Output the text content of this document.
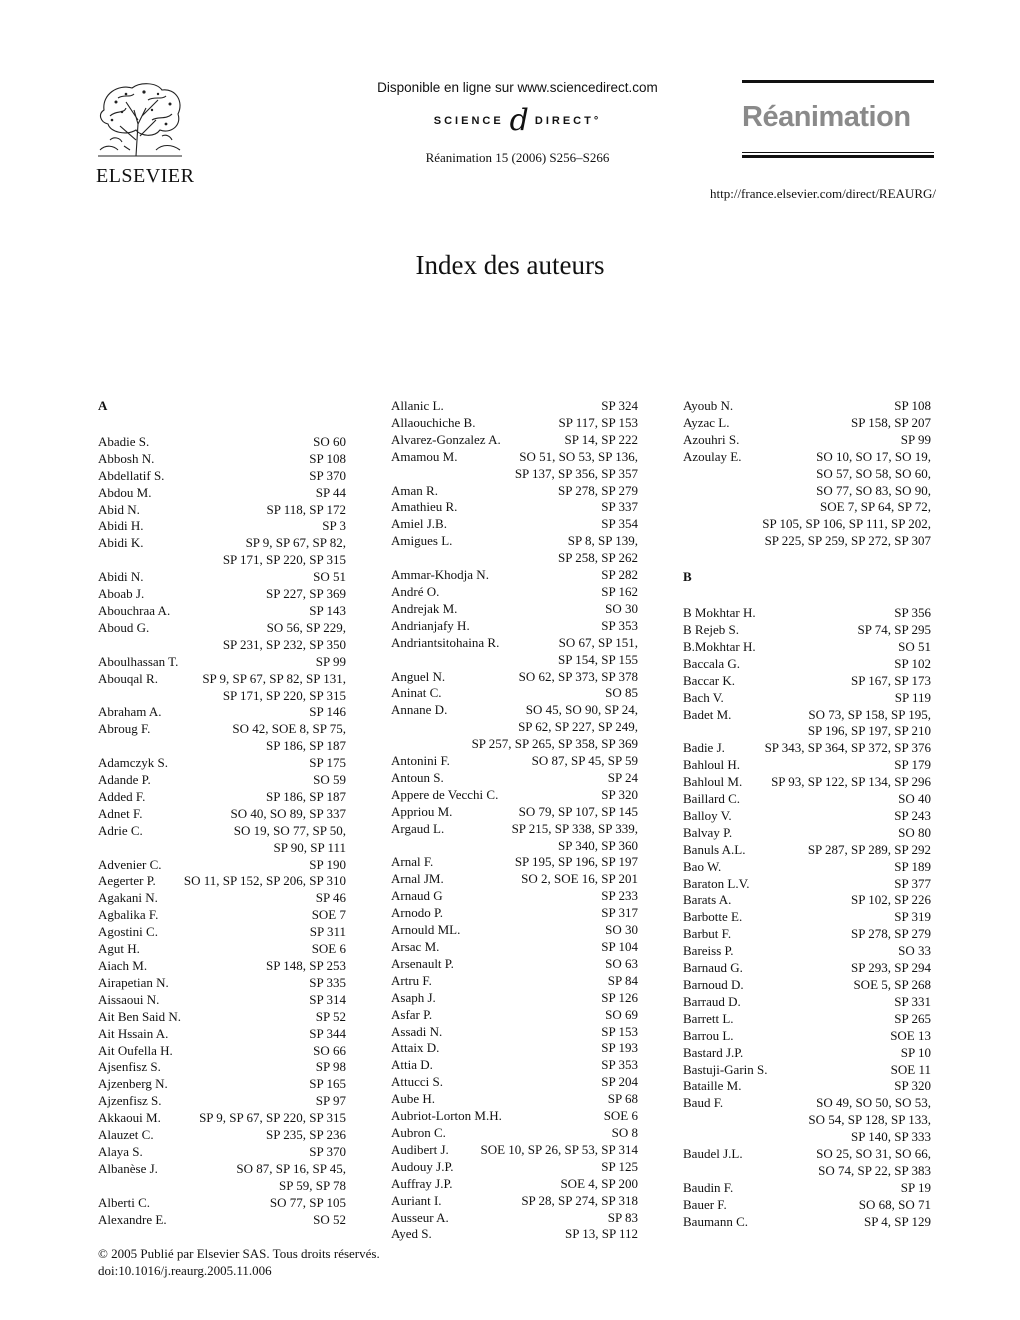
ELSEVIER
Disponible en ligne sur www.sciencedirect.com
SCIENCE d DIRECT°
Réanimation 15 (2006) S256–S266
Réanimation
http://france.elsevier.com/direct/REAURG/
Index des auteurs
A
Abadie S.	SO 60
Abbosh N.	SP 108
Abdellatif S.	SP 370
Abdou M.	SP 44
Abid N.	SP 118, SP 172
Abidi H.	SP 3
Abidi K.	SP 9, SP 67, SP 82,
SP 171, SP 220, SP 315
Abidi N.	SO 51
Aboab J.	SP 227, SP 369
Abouchraa A.	SP 143
Aboud G.	SO 56, SP 229,
SP 231, SP 232, SP 350
Aboulhassan T.	SP 99
Abouqal R.	SP 9, SP 67, SP 82, SP 131,
SP 171, SP 220, SP 315
Abraham A.	SP 146
Abroug F.	SO 42, SOE 8, SP 75,
SP 186, SP 187
Adamczyk S.	SP 175
Adande P.	SO 59
Added F.	SP 186, SP 187
Adnet F.	SO 40, SO 89, SP 337
Adrie C.	SO 19, SO 77, SP 50,
SP 90, SP 111
Advenier C.	SP 190
Aegerter P.	SO 11, SP 152, SP 206, SP 310
Agakani N.	SP 46
Agbalika F.	SOE 7
Agostini C.	SP 311
Agut H.	SOE 6
Aiach M.	SP 148, SP 253
Airapetian N.	SP 335
Aissaoui N.	SP 314
Ait Ben Said N.	SP 52
Ait Hssain A.	SP 344
Ait Oufella H.	SO 66
Ajsenfisz S.	SP 98
Ajzenberg N.	SP 165
Ajzenfisz S.	SP 97
Akkaoui M.	SP 9, SP 67, SP 220, SP 315
Alauzet C.	SP 235, SP 236
Alaya S.	SP 370
Albanèse J.	SO 87, SP 16, SP 45,
SP 59, SP 78
Alberti C.	SO 77, SP 105
Alexandre E.	SO 52
Allanic L.	SP 324
Allaouchiche B.	SP 117, SP 153
Alvarez-Gonzalez A.	SP 14, SP 222
Amamou M.	SO 51, SO 53, SP 136,
SP 137, SP 356, SP 357
Aman R.	SP 278, SP 279
Amathieu R.	SP 337
Amiel J.B.	SP 354
Amigues L.	SP 8, SP 139,
SP 258, SP 262
Ammar-Khodja N.	SP 282
André O.	SP 162
Andrejak M.	SO 30
Andrianjafy H.	SP 353
Andriantsitohaina R.	SO 67, SP 151,
SP 154, SP 155
Anguel N.	SO 62, SP 373, SP 378
Aninat C.	SO 85
Annane D.	SO 45, SO 90, SP 24,
SP 62, SP 227, SP 249,
SP 257, SP 265, SP 358, SP 369
Antonini F.	SO 87, SP 45, SP 59
Antoun S.	SP 24
Appere de Vecchi C.	SP 320
Appriou M.	SO 79, SP 107, SP 145
Argaud L.	SP 215, SP 338, SP 339,
SP 340, SP 360
Arnal F.	SP 195, SP 196, SP 197
Arnal JM.	SO 2, SOE 16, SP 201
Arnaud G	SP 233
Arnodo P.	SP 317
Arnould ML.	SO 30
Arsac M.	SP 104
Arsenault P.	SO 63
Artru F.	SP 84
Asaph J.	SP 126
Asfar P.	SO 69
Assadi N.	SP 153
Attaix D.	SP 193
Attia D.	SP 353
Attucci S.	SP 204
Aube H.	SP 68
Aubriot-Lorton M.H.	SOE 6
Aubron C.	SO 8
Audibert J.	SOE 10, SP 26, SP 53, SP 314
Audouy J.P.	SP 125
Auffray J.P.	SOE 4, SP 200
Auriant I.	SP 28, SP 274, SP 318
Ausseur A.	SP 83
Ayed S.	SP 13, SP 112
Ayoub N.	SP 108
Ayzac L.	SP 158, SP 207
Azouhri S.	SP 99
Azoulay E.	SO 10, SO 17, SO 19,
SO 57, SO 58, SO 60,
SO 77, SO 83, SO 90,
SOE 7, SP 64, SP 72,
SP 105, SP 106, SP 111, SP 202,
SP 225, SP 259, SP 272, SP 307
B
B Mokhtar H.	SP 356
B Rejeb S.	SP 74, SP 295
B.Mokhtar H.	SO 51
Baccala G.	SP 102
Baccar K.	SP 167, SP 173
Bach V.	SP 119
Badet M.	SO 73, SP 158, SP 195,
SP 196, SP 197, SP 210
Badie J.	SP 343, SP 364, SP 372, SP 376
Bahloul H.	SP 179
Bahloul M.	SP 93, SP 122, SP 134, SP 296
Baillard C.	SO 40
Balloy V.	SP 243
Balvay P.	SO 80
Banuls A.L.	SP 287, SP 289, SP 292
Bao W.	SP 189
Baraton L.V.	SP 377
Barats A.	SP 102, SP 226
Barbotte E.	SP 319
Barbut F.	SP 278, SP 279
Bareiss P.	SO 33
Barnaud G.	SP 293, SP 294
Barnoud D.	SOE 5, SP 268
Barraud D.	SP 331
Barrett L.	SP 265
Barrou L.	SOE 13
Bastard J.P.	SP 10
Bastuji-Garin S.	SOE 11
Bataille M.	SP 320
Baud F.	SO 49, SO 50, SO 53,
SO 54, SP 128, SP 133,
SP 140, SP 333
Baudel J.L.	SO 25, SO 31, SO 66,
SO 74, SP 22, SP 383
Baudin F.	SP 19
Bauer F.	SO 68, SO 71
Baumann C.	SP 4, SP 129
© 2005 Publié par Elsevier SAS. Tous droits réservés.
doi:10.1016/j.reaurg.2005.11.006
